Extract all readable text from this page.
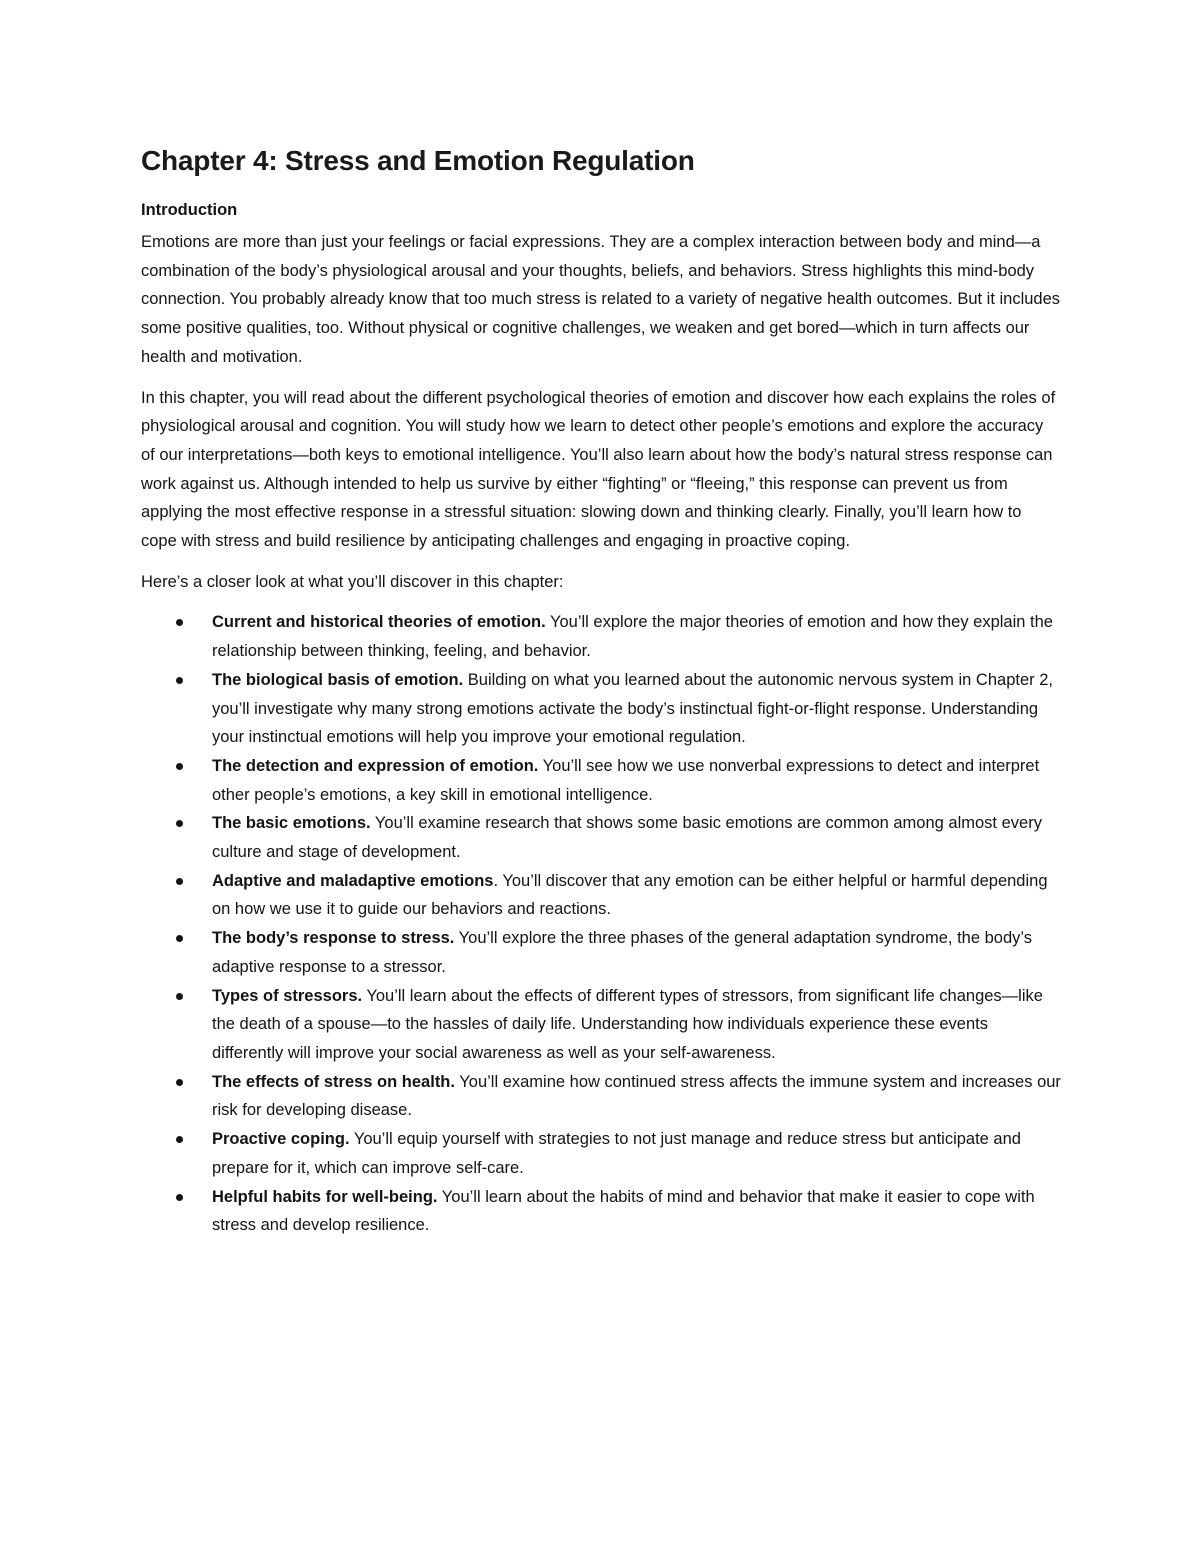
Chapter 4: Stress and Emotion Regulation
Introduction

Emotions are more than just your feelings or facial expressions. They are a complex interaction between body and mind—a combination of the body’s physiological arousal and your thoughts, beliefs, and behaviors. Stress highlights this mind-body connection. You probably already know that too much stress is related to a variety of negative health outcomes. But it includes some positive qualities, too. Without physical or cognitive challenges, we weaken and get bored—which in turn affects our health and motivation.

In this chapter, you will read about the different psychological theories of emotion and discover how each explains the roles of physiological arousal and cognition. You will study how we learn to detect other people’s emotions and explore the accuracy of our interpretations—both keys to emotional intelligence. You’ll also learn about how the body’s natural stress response can work against us. Although intended to help us survive by either “fighting” or “fleeing,” this response can prevent us from applying the most effective response in a stressful situation: slowing down and thinking clearly. Finally, you’ll learn how to cope with stress and build resilience by anticipating challenges and engaging in proactive coping.

Here’s a closer look at what you’ll discover in this chapter:

Current and historical theories of emotion. You’ll explore the major theories of emotion and how they explain the relationship between thinking, feeling, and behavior.
The biological basis of emotion. Building on what you learned about the autonomic nervous system in Chapter 2, you’ll investigate why many strong emotions activate the body’s instinctual fight-or-flight response. Understanding your instinctual emotions will help you improve your emotional regulation.
The detection and expression of emotion. You’ll see how we use nonverbal expressions to detect and interpret other people’s emotions, a key skill in emotional intelligence.
The basic emotions. You’ll examine research that shows some basic emotions are common among almost every culture and stage of development.
Adaptive and maladaptive emotions. You’ll discover that any emotion can be either helpful or harmful depending on how we use it to guide our behaviors and reactions.
The body’s response to stress. You’ll explore the three phases of the general adaptation syndrome, the body’s adaptive response to a stressor.
Types of stressors. You’ll learn about the effects of different types of stressors, from significant life changes—like the death of a spouse—to the hassles of daily life. Understanding how individuals experience these events differently will improve your social awareness as well as your self-awareness.
The effects of stress on health. You’ll examine how continued stress affects the immune system and increases our risk for developing disease.
Proactive coping. You’ll equip yourself with strategies to not just manage and reduce stress but anticipate and prepare for it, which can improve self-care.
Helpful habits for well-being. You’ll learn about the habits of mind and behavior that make it easier to cope with stress and develop resilience.
